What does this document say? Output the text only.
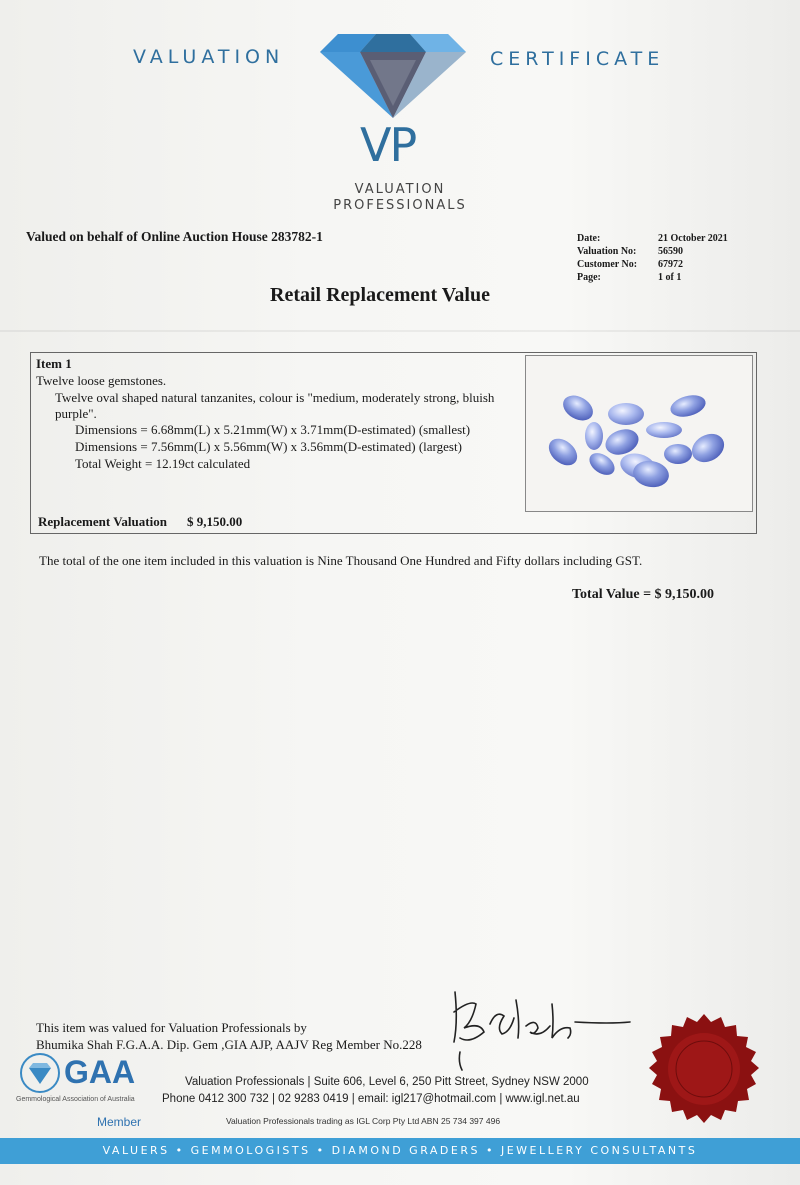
VALUATION	CERTIFICATE
VP
VALUATION
PROFESSIONALS
Valued on behalf of Online Auction House 283782-1	Date:	21 October 2021
Valuation No: 56590
Customer No: 67972
Page:	1 of 1
Retail Replacement Value
Item 1
Twelve loose gemstones.
Twelve oval shaped natural tanzanites, colour is "medium, moderately strong, bluish
purple".
Dimensions = 6.68mm(L) x 5.21mm(W) x 3.71mm(D-estimated) (smallest)
Dimensions = 7.56mm(L) x 5.56mm(W) x 3.56mm(D-estimated) (largest)
Total Weight = 12.19ct calculated
Replacement Valuation $ 9,150.00
The total of the one item included in this valuation is Nine Thousand One Hundred and Fifty dollars including GST.
Total Value = $ 9,150.00
This item was valued for Valuation Professionals by
Bhumika Shah F.G.A.A. Dip. Gem ,GIA AJP, AAJV Reg Member No.228
GAA
Gemmological Association of Australia
Member
Valuation Professionals | Suite 606, Level 6, 250 Pitt Street, Sydney NSW 2000
Phone 0412 300 732 | 02 9283 0419 | email: igl217@hotmail.com | www.igl.net.au
Valuation Professionals trading as IGL Corp Pty Ltd ABN 25 734 397 496
VALUERS • GEMMOLOGISTS • DIAMOND GRADERS • JEWELLERY CONSULTANTS
